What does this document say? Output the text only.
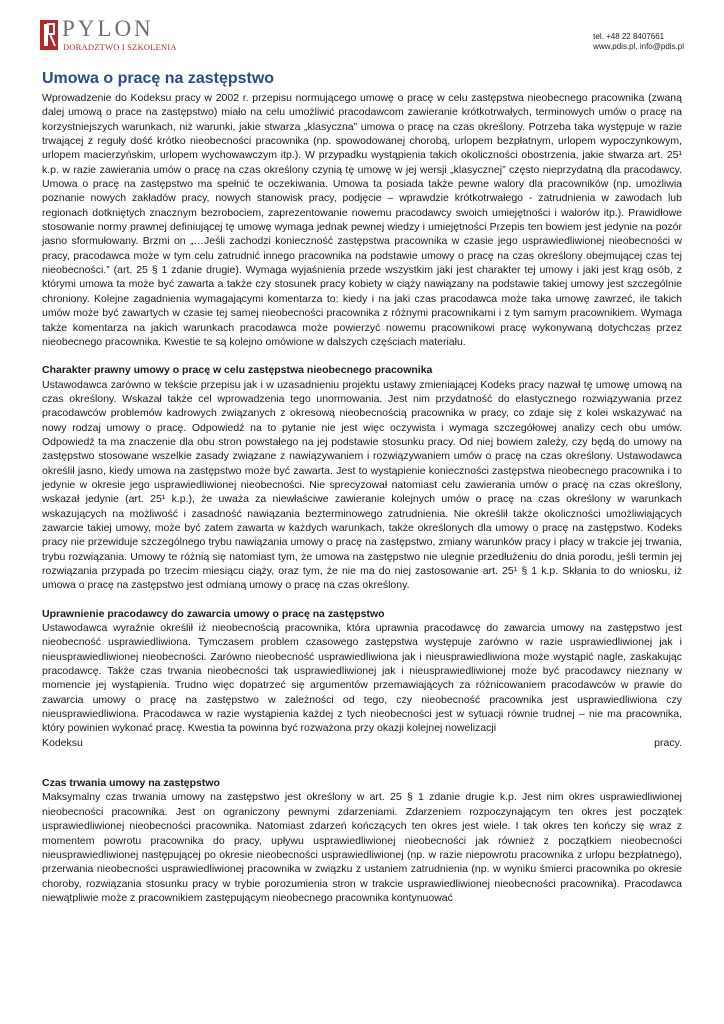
PYLON
DORADZTWO I SZKOLENIA
tel. +48 22 8407661
www.pdis.pl, info@pdis.pl
Umowa o pracę na zastępstwo

Wprowadzenie do Kodeksu pracy w 2002 r. przepisu normującego umowę o pracę w celu zastępstwa nieobecnego pracownika (zwaną dalej umową o prace na zastępstwo) miało na celu umożliwić pracodawcom zawieranie krótkotrwałych, terminowych umów o pracę na korzystniejszych warunkach, niż warunki, jakie stwarza „klasyczna” umowa o pracę na czas określony. Potrzeba taka występuje w razie trwającej z reguły dość krótko nieobecności pracownika (np. spowodowanej chorobą, urlopem bezpłatnym, urlopem wypoczynkowym, urlopem macierzyńskim, urlopem wychowawczym itp.). W przypadku wystąpienia takich okoliczności obostrzenia, jakie stwarza art. 25¹ k.p. w razie zawierania umów o pracę na czas określony czynią tę umowę w jej wersji „klasycznej” często nieprzydatną dla pracodawcy. Umowa o pracę na zastępstwo ma spełnić te oczekiwania. Umowa ta posiada także pewne walory dla pracowników (np. umożliwia poznanie nowych zakładów pracy, nowych stanowisk pracy, podjęcie – wprawdzie krótkotrwałego - zatrudnienia w zawodach lub regionach dotkniętych znacznym bezrobociem, zaprezentowanie nowemu pracodawcy swoich umiejętności i walorów itp.). Prawidłowe stosowanie normy prawnej definiującej tę umowę wymaga jednak pewnej wiedzy i umiejętności Przepis ten bowiem jest jedynie na pozór jasno sformułowany. Brzmi on „…Jeśli zachodzi konieczność zastępstwa pracownika w czasie jego usprawiedliwionej nieobecności w pracy, pracodawca może w tym celu zatrudnić innego pracownika na podstawie umowy o pracę na czas określony obejmującej czas tej nieobecności.” (art. 25 § 1 zdanie drugie). Wymaga wyjaśnienia przede wszystkim jaki jest charakter tej umowy i jaki jest krąg osób, z którymi umowa ta może być zawarta a także czy stosunek pracy kobiety w ciąży nawiązany na podstawie takiej umowy jest szczególnie chroniony. Kolejne zagadnienia wymagającymi komentarza to: kiedy i na jaki czas pracodawca może taka umowę zawrzeć, ile takich umów może być zawartych w czasie tej samej nieobecności pracownika z różnymi pracownikami i z tym samym pracownikiem. Wymaga także komentarza na jakich warunkach pracodawca może powierzyć nowemu pracownikowi pracę wykonywaną dotychczas przez nieobecnego pracownika. Kwestie te są kolejno omówione w dalszych częściach materiału.

Charakter prawny umowy o pracę w celu zastępstwa nieobecnego pracownika

Ustawodawca zarówno w tekście przepisu jak i w uzasadnieniu projektu ustawy zmieniającej Kodeks pracy nazwał tę umowę umową na czas określony. Wskazał także cel wprowadzenia tego unormowania. Jest nim przydatność do elastycznego rozwiązywania przez pracodawców problemów kadrowych związanych z okresową nieobecnością pracownika w pracy, co zdaje się z kolei wskazywać na nowy rodzaj umowy o pracę. Odpowiedź na to pytanie nie jest więc oczywista i wymaga szczegółowej analizy cech obu umów. Odpowiedź ta ma znaczenie dla obu stron powstałego na jej podstawie stosunku pracy. Od niej bowiem zależy, czy będą do umowy na zastępstwo stosowane wszelkie zasady związane z nawiązywaniem i rozwiązywaniem umów o pracę na czas określony. Ustawodawca określił jasno, kiedy umowa na zastępstwo może być zawarta. Jest to wystąpienie konieczności zastępstwa nieobecnego pracownika i to jedynie w okresie jego usprawiedliwionej nieobecności. Nie sprecyzował natomiast celu zawierania umów o pracę na czas określony, wskazał jedynie (art. 25¹ k.p.), że uważa za niewłaściwe zawieranie kolejnych umów o pracę na czas określony w warunkach wskazujących na możliwość i zasadność nawiązania bezterminowego zatrudnienia. Nie określił także okoliczności umożliwiających zawarcie takiej umowy, może być zatem zawarta w każdych warunkach, także określonych dla umowy o pracę na zastępstwo. Kodeks pracy nie przewiduje szczególnego trybu nawiązania umowy o pracę na zastępstwo, zmiany warunków pracy i płacy w trakcie jej trwania, trybu rozwiązania. Umowy te różnią się natomiast tym, że umowa na zastępstwo nie ulegnie przedłużeniu do dnia porodu, jeśli termin jej rozwiązania przypada po trzecim miesiącu ciąży, oraz tym, że nie ma do niej zastosowanie art. 25¹ § 1 k.p. Skłania to do wniosku, iż umowa o pracę na zastępstwo jest odmianą umowy o pracę na czas określony.

Uprawnienie pracodawcy do zawarcia umowy o pracę na zastępstwo

Ustawodawca wyraźnie określił iż nieobecnością pracownika, która uprawnia pracodawcę do zawarcia umowy na zastępstwo jest nieobecność usprawiedliwiona. Tymczasem problem czasowego zastępstwa występuje zarówno w razie usprawiedliwionej jak i nieusprawiedliwionej nieobecności. Zarówno nieobecność usprawiedliwiona jak i nieusprawiedliwiona może wystąpić nagle, zaskakując pracodawcę. Także czas trwania nieobecności tak usprawiedliwionej jak i nieusprawiedliwionej może być pracodawcy nieznany w momencie jej wystąpienia. Trudno więc dopatrzeć się argumentów przemawiających za różnicowaniem pracodawców w prawie do zawarcia umowy o pracę na zastępstwo w zależności od tego, czy nieobecność pracownika jest usprawiedliwiona czy nieusprawiedliwiona. Pracodawca w razie wystąpienia każdej z tych nieobecności jest w sytuacji równie trudnej – nie ma pracownika, który powinien wykonać pracę. Kwestia ta powinna być rozważona przy okazji kolejnej nowelizacji

Kodeksu	pracy.
Czas trwania umowy na zastępstwo

Maksymalny czas trwania umowy na zastępstwo jest określony w art. 25 § 1 zdanie drugie k.p. Jest nim okres usprawiedliwionej nieobecności pracownika. Jest on ograniczony pewnymi zdarzeniami. Zdarzeniem rozpoczynającym ten okres jest początek usprawiedliwionej nieobecności pracownika. Natomiast zdarzeń kończących ten okres jest wiele. I tak okres ten kończy się wraz z momentem powrotu pracownika do pracy, upływu usprawiedliwionej nieobecności jak również z początkiem nieobecności nieusprawiedliwionej następującej po okresie nieobecności usprawiedliwionej (np. w razie niepowrotu pracownika z urlopu bezpłatnego), przerwania nieobecności usprawiedliwionej pracownika w związku z ustaniem zatrudnienia (np. w wyniku śmierci pracownika po okresie choroby, rozwiązania stosunku pracy w trybie porozumienia stron w trakcie usprawiedliwionej nieobecności pracownika). Pracodawca niewątpliwie może z pracownikiem zastępującym nieobecnego pracownika kontynuować
